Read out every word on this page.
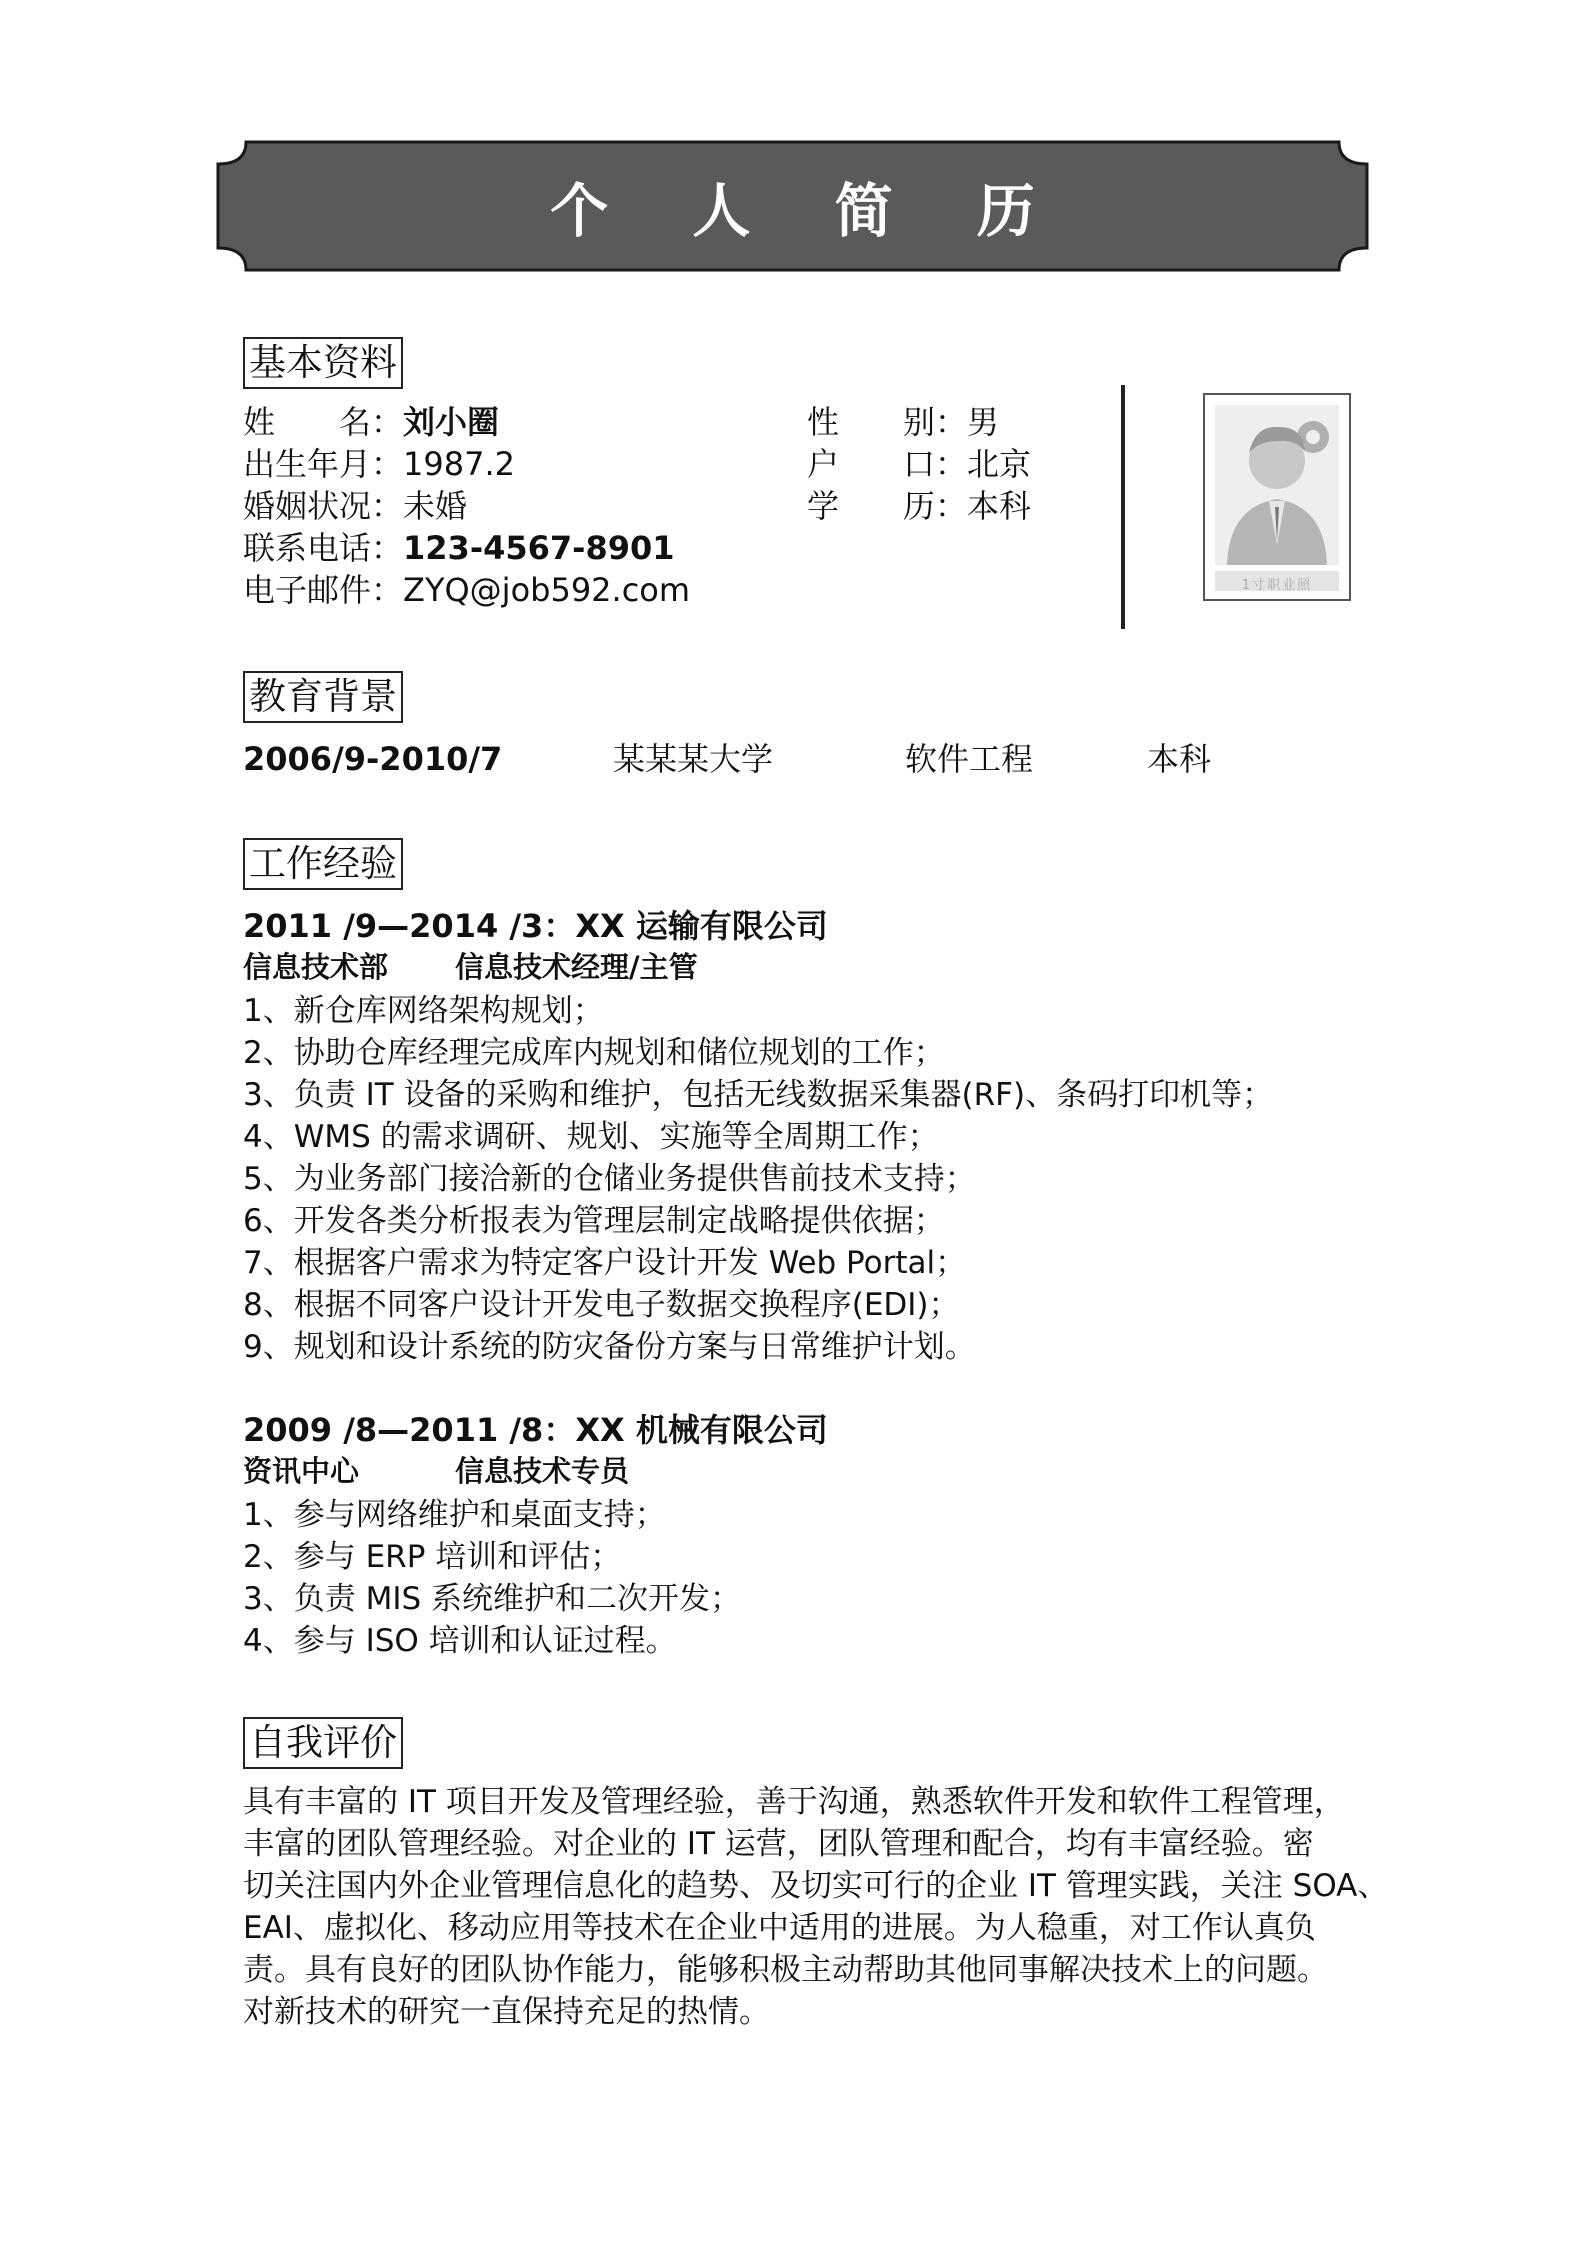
个 人 简 历
基本资料
姓　　名：刘小圈
出生年月：1987.2
婚姻状况：未婚
联系电话：123-4567-8901
电子邮件：ZYQ@job592.com
性　　别：男
户　　口：北京
学　　历：本科
1寸职业照
教育背景
2006/9-2010/7	某某某大学	软件工程	本科
工作经验
2011 /9—2014 /3：XX 运输有限公司
信息技术部 信息技术经理/主管
1、新仓库网络架构规划；
2、协助仓库经理完成库内规划和储位规划的工作；
3、负责 IT 设备的采购和维护，包括无线数据采集器(RF)、条码打印机等；
4、WMS 的需求调研、规划、实施等全周期工作；
5、为业务部门接洽新的仓储业务提供售前技术支持；
6、开发各类分析报表为管理层制定战略提供依据；
7、根据客户需求为特定客户设计开发 Web Portal；
8、根据不同客户设计开发电子数据交换程序(EDI)；
9、规划和设计系统的防灾备份方案与日常维护计划。
2009 /8—2011 /8：XX 机械有限公司
资讯中心	信息技术专员
1、参与网络维护和桌面支持；
2、参与 ERP 培训和评估；
3、负责 MIS 系统维护和二次开发；
4、参与 ISO 培训和认证过程。
自我评价
具有丰富的 IT 项目开发及管理经验，善于沟通，熟悉软件开发和软件工程管理，
丰富的团队管理经验。对企业的 IT 运营，团队管理和配合，均有丰富经验。密
切关注国内外企业管理信息化的趋势、及切实可行的企业 IT 管理实践，关注 SOA、
EAI、虚拟化、移动应用等技术在企业中适用的进展。为人稳重，对工作认真负
责。具有良好的团队协作能力，能够积极主动帮助其他同事解决技术上的问题。
对新技术的研究一直保持充足的热情。
